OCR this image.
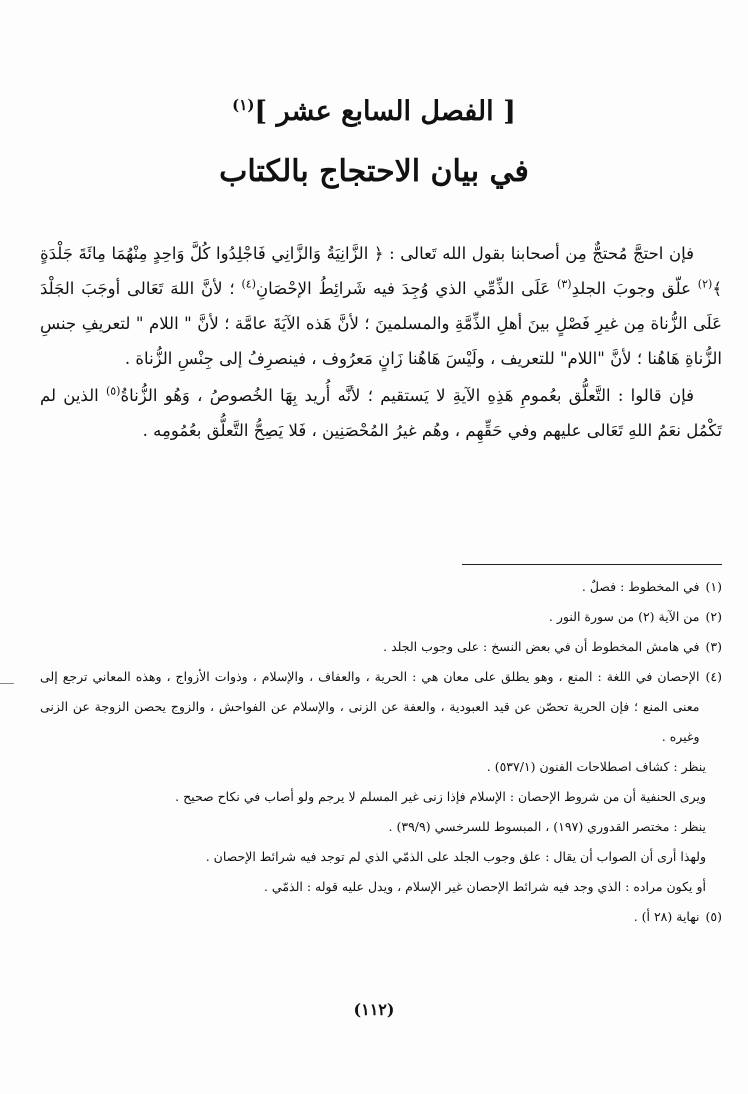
[ الفصل السابع عشر ]$^{(١)}$
في بيان الاحتجاج بالكتاب

فإن احتجَّ مُحتجٌّ مِن أصحابنا بقول الله تَعالى : ﴿ الزَّانِيَةُ وَالزَّانِي فَاجْلِدُوا كُلَّ وَاحِدٍ مِنْهُمَا مِائَةَ جَلْدَةٍ ﴾$^{(٢)}$ علّق وجوبَ الجلدِ$^{(٣)}$ عَلَى الذِّمِّي الذي وُجِدَ فيه شَرائِطُ الإحْصَانِ$^{(٤)}$ ؛ لأنَّ اللهَ تَعَالى أوجَبَ الجَلْدَ عَلَى الزُّناة مِن غيرِ فَصْلٍ بينَ أهلِ الذِّمَّةِ والمسلمينَ ؛ لأنَّ هَذه الآيَةَ عامَّة ؛ لأنَّ " اللام " لتعريفِ جنسِ الزُّناةِ هَاهُنا ؛ لأنَّ "اللام" للتعريف ، ولَيْسَ هَاهُنا زَانٍ مَعرُوف ، فينصرِفُ إلى جِنْسِ الزُّناة .

فإن قالوا : التَّعلُّق بعُمومِ هَذِهِ الآيةِ لا يَستقيم ؛ لأنَّه أُريد بِهَا الخُصوصُ ، وَهُو الزُّناةُ$^{(٥)}$ الذين لم تَكْمُل نعَمُ اللهِ تَعَالى عليهم وفي حَقِّهِم ، وهُم غيرُ المُحْصَنِين ، فَلا يَصِحُّ التَّعلُّق بعُمُومِه .

(١)
في المخطوط : فصلٌ .
(٢)
من الآية (٢) من سورة النور .
(٣)
في هامش المخطوط أن في بعض النسخ : على وجوب الجلد .
(٤)
الإحصان في اللغة : المنع ، وهو يطلق على معان هي : الحرية ، والعفاف ، والإسلام ، وذوات الأزواج ، وهذه المعاني ترجع إلى معنى المنع ؛ فإن الحرية تحصّن عن قيد العبودية ، والعفة عن الزنى ، والإسلام عن الفواحش ، والزوج يحصن الزوجة عن الزنى وغيره .
ينظر : كشاف اصطلاحات الفنون (٥٣٧/١) .
ويرى الحنفية أن من شروط الإحصان : الإسلام فإذا زنى غير المسلم لا يرجم ولو أصاب في نكاح صحيح .
ينظر : مختصر القدوري (١٩٧) ، المبسوط للسرخسي (٣٩/٩) .
ولهذا أرى أن الصواب أن يقال : علق وجوب الجلد على الذمّي الذي لم توجد فيه شرائط الإحصان .
أو يكون مراده : الذي وجد فيه شرائط الإحصان غير الإسلام ، ويدل عليه قوله : الذمّي .
(٥)
نهاية (٢٨ أ) .
(١١٢)
